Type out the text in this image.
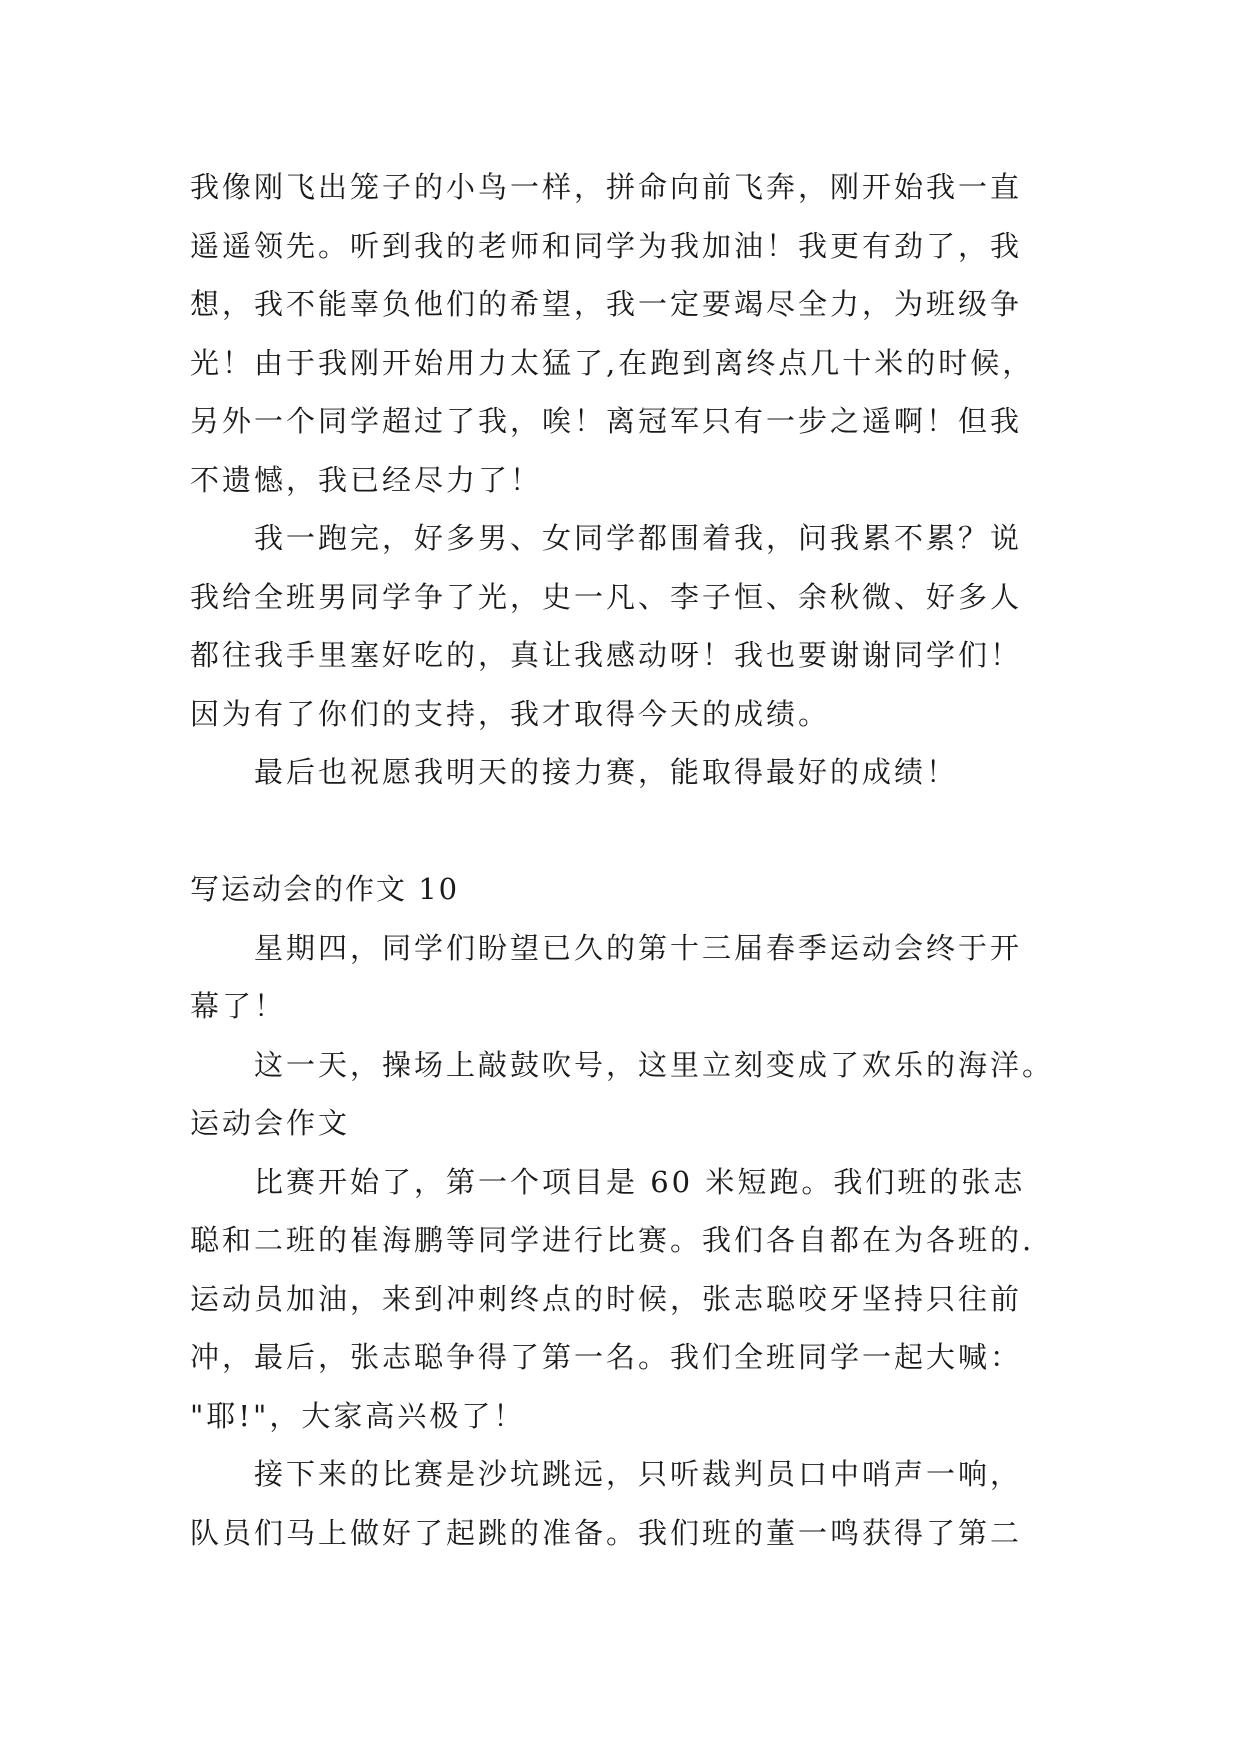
我像刚飞出笼子的小鸟一样，拼命向前飞奔，刚开始我一直
遥遥领先。听到我的老师和同学为我加油！我更有劲了，我
想，我不能辜负他们的希望，我一定要竭尽全力，为班级争
光！由于我刚开始用力太猛了,在跑到离终点几十米的时候，
另外一个同学超过了我，唉！离冠军只有一步之遥啊！但我
不遗憾，我已经尽力了！
我一跑完，好多男、女同学都围着我，问我累不累？说
我给全班男同学争了光，史一凡、李子恒、余秋微、好多人
都往我手里塞好吃的，真让我感动呀！我也要谢谢同学们！
因为有了你们的支持，我才取得今天的成绩。
最后也祝愿我明天的接力赛，能取得最好的成绩！
写运动会的作文 10
星期四，同学们盼望已久的第十三届春季运动会终于开
幕了！
这一天，操场上敲鼓吹号，这里立刻变成了欢乐的海洋。
运动会作文
比赛开始了，第一个项目是 60 米短跑。我们班的张志
聪和二班的崔海鹏等同学进行比赛。我们各自都在为各班的.
运动员加油，来到冲刺终点的时候，张志聪咬牙坚持只往前
冲，最后，张志聪争得了第一名。我们全班同学一起大喊：
"耶!"，大家高兴极了！
接下来的比赛是沙坑跳远，只听裁判员口中哨声一响，
队员们马上做好了起跳的准备。我们班的董一鸣获得了第二
